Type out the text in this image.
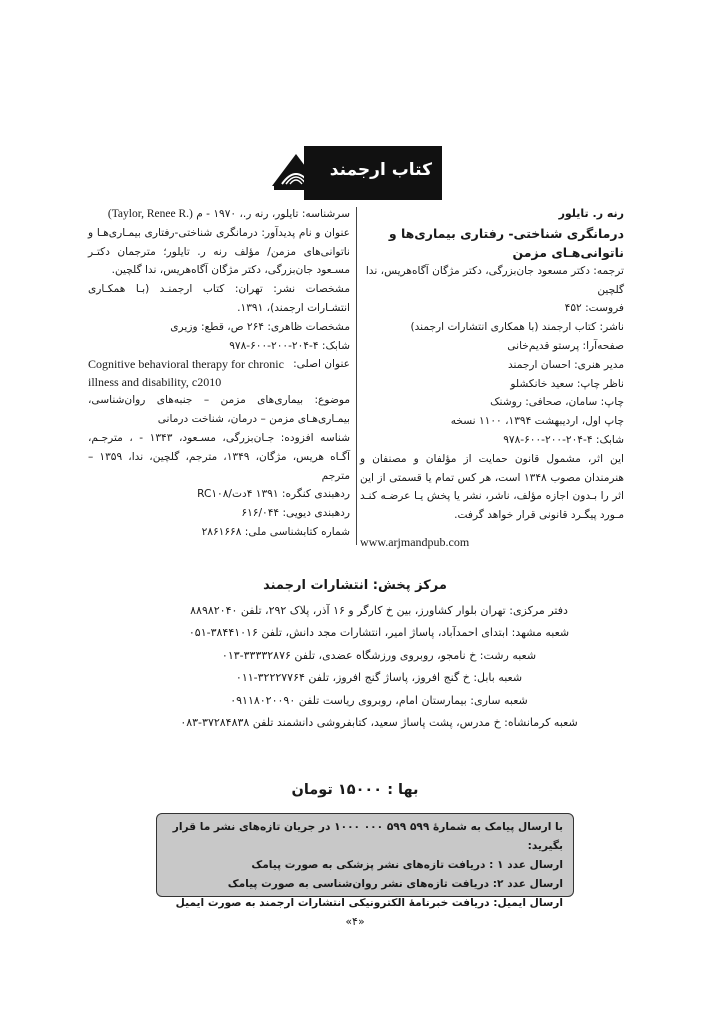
کتاب ارجمند

رنه ر. تایلور

درمانگری شناختی- رفتاری بیماری‌ها و ناتوانی‌هـای مزمن

ترجمه: دکتر مسعود جان‌بزرگی، دکتر مژگان آگاه‌هریس، ندا گلچین

فروست: ۴۵۲

ناشر: کتاب ارجمند (با همکاری انتشارات ارجمند)

صفحه‌آرا: پرستو قدیم‌خانی

مدیر هنری: احسان ارجمند

ناظر چاپ: سعید خانکشلو

چاپ: سامان، صحافی: روشنک

چاپ اول، اردیبهشت ۱۳۹۴، ۱۱۰۰ نسخه

شابک: ۴-۲۰۴-۲۰۰-۶۰۰-۹۷۸

این اثر، مشمول قانون حمایت از مؤلفان و مصنفان و هنرمندان مصوب ۱۳۴۸ است، هر کس تمام یا قسمتی از این اثر را بـدون اجازه مؤلف، ناشر، نشر یا پخش یـا عرضـه کنـد مـورد پیگـرد قانونی قرار خواهد گرفت.

www.arjmandpub.com

سرشناسه: تایلور، رنه ر.، ۱۹۷۰ - م (Taylor, Renee R.)

عنوان و نام پدیدآور: درمانگری شناختی-رفتاری بیمـاری‌هـا و ناتوانی‌های مزمن/ مؤلف رنه ر. تایلور؛ مترجمان دکتـر مسـعود جان‌بزرگی، دکتر مژگان آگاه‌هریس، ندا گلچین.

مشخصات نشر: تهران: کتاب ارجمنـد (بـا همکـاری انتشـارات ارجمند)، ۱۳۹۱.

مشخصات ظاهری: ۲۶۴ ص، قطع: وزیری

شابک: ۴-۲۰۴-۲۰۰-۶۰۰-۹۷۸

عنوان اصلی:
Cognitive behavioral therapy for chronic illness and disability, c2010

موضوع: بیماری‌های مزمن – جنبه‌های روان‌شناسی، بیمـاری‌هـای مزمن – درمان، شناخت درمانی

شناسه افزوده: جـان‌بزرگی، مسـعود، ۱۳۴۳ - ، مترجـم، آگـاه هریس، مژگان، ۱۳۴۹، مترجم، گلچین، ندا، ۱۳۵۹ – مترجم

ردهبندی کنگره: ۱۳۹۱ ۴د‌ت/RC۱۰۸

ردهبندی دیویی: ۶۱۶/۰۴۴

شماره کتابشناسی ملی: ۲۸۶۱۶۶۸

مرکز پخش: انتشارات ارجمند

دفتر مرکزی: تهران بلوار کشاورز، بین خ کارگر و ۱۶ آذر، پلاک ۲۹۲، تلفن ۸۸۹۸۲۰۴۰

شعبه مشهد: ابتدای احمدآباد، پاساژ امیر، انتشارات مجد دانش، تلفن ۳۸۴۴۱۰۱۶-۰۵۱

شعبه رشت: خ نامجو، روبروی ورزشگاه عضدی، تلفن ۳۳۳۳۲۸۷۶-۰۱۳

شعبه بابل: خ گنج افروز، پاساژ گنج افروز، تلفن ۳۲۲۲۷۷۶۴-۰۱۱

شعبه ساری: بیمارستان امام، روبروی ریاست تلفن ۰۹۱۱۸۰۲۰۰۹۰

شعبه کرمانشاه: خ مدرس، پشت پاساژ سعید، کتابفروشی دانشمند تلفن ۳۷۲۸۴۸۳۸-۰۸۳

بها : ۱۵۰۰۰ تومان

با ارسال پیامک به شمارهٔ ۵۹۹ ۵۹۹ ۰۰۰ ۱۰۰۰ در جریان تازه‌های نشر ما قرار بگیرید:

ارسال عدد ۱ : دریافت تازه‌های نشر پزشکی به صورت پیامک

ارسال عدد ۲: دریافت تازه‌های نشر روان‌شناسی به صورت پیامک

ارسال ایمیل: دریافت خبرنامهٔ الکترونیکی انتشارات ارجمند به صورت ایمیل

«۴»
